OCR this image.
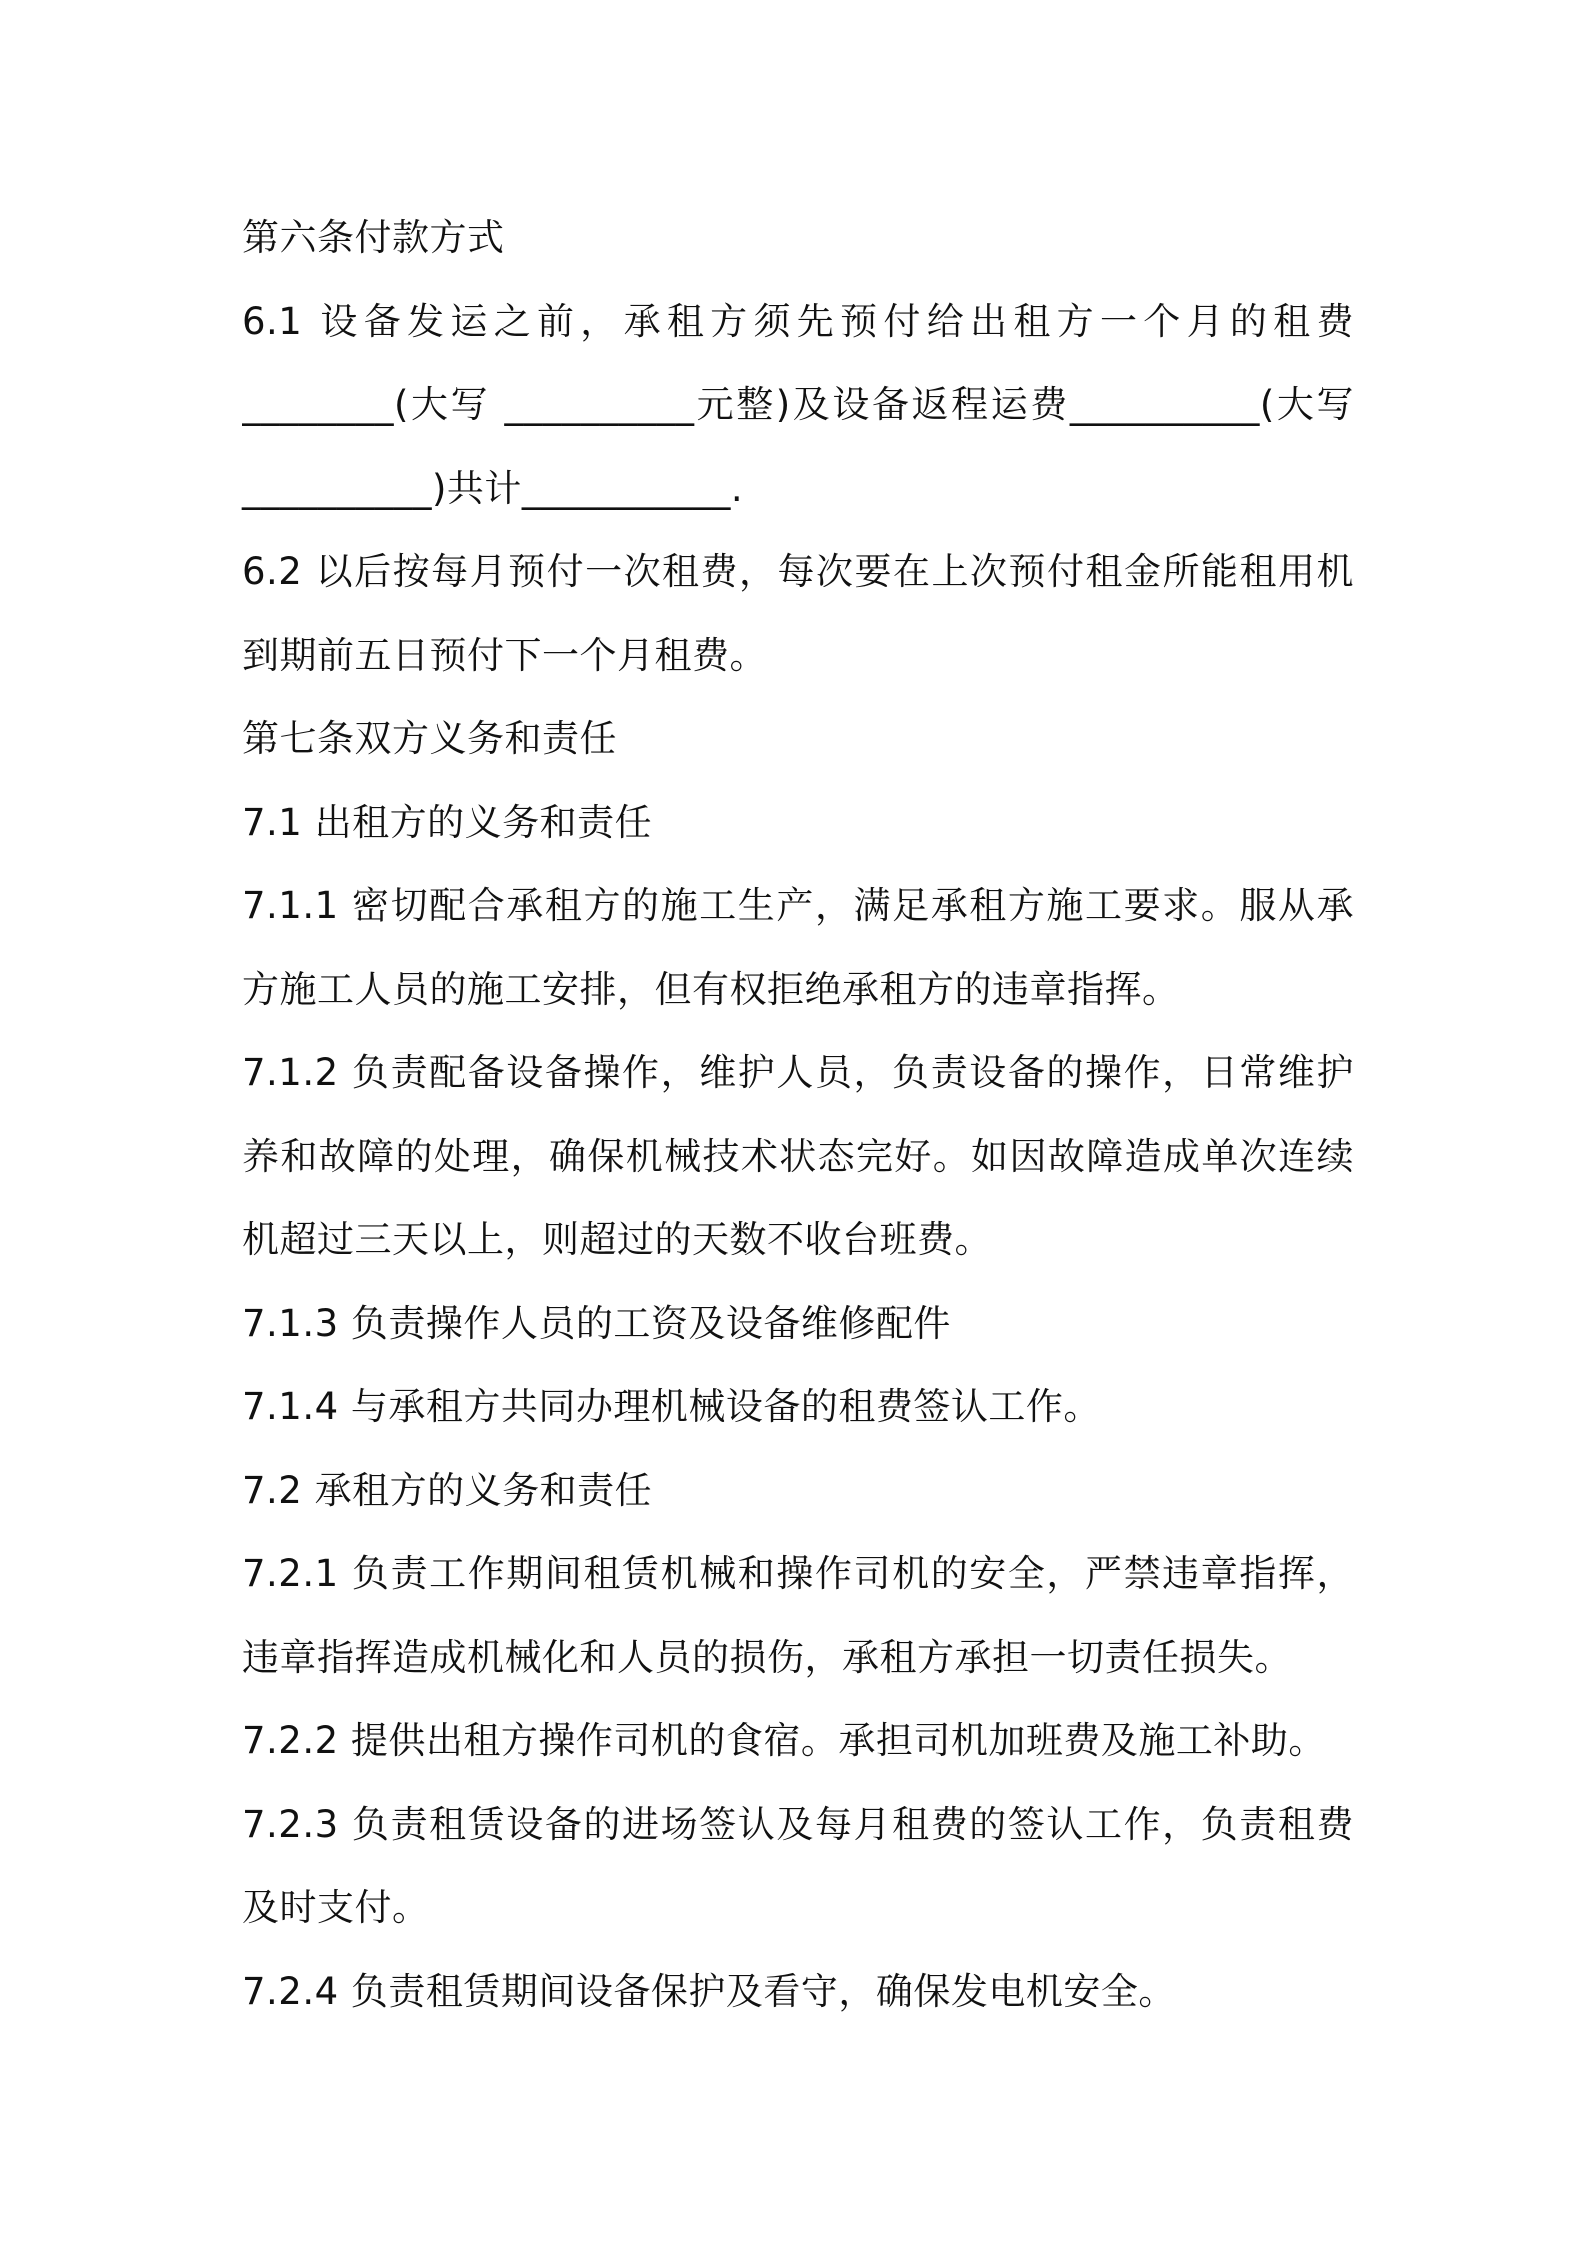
第六条付款方式
6.1 设备发运之前，承租方须先预付给出租方一个月的租费
________(大写 __________元整)及设备返程运费__________(大写
__________)共计___________.
6.2 以后按每月预付一次租费，每次要在上次预付租金所能租用机
到期前五日预付下一个月租费。
第七条双方义务和责任
7.1 出租方的义务和责任
7.1.1 密切配合承租方的施工生产，满足承租方施工要求。服从承
方施工人员的施工安排，但有权拒绝承租方的违章指挥。
7.1.2 负责配备设备操作，维护人员，负责设备的操作，日常维护
养和故障的处理，确保机械技术状态完好。如因故障造成单次连续
机超过三天以上，则超过的天数不收台班费。
7.1.3 负责操作人员的工资及设备维修配件
7.1.4 与承租方共同办理机械设备的租费签认工作。
7.2 承租方的义务和责任
7.2.1 负责工作期间租赁机械和操作司机的安全，严禁违章指挥，
违章指挥造成机械化和人员的损伤，承租方承担一切责任损失。
7.2.2 提供出租方操作司机的食宿。承担司机加班费及施工补助。
7.2.3 负责租赁设备的进场签认及每月租费的签认工作，负责租费
及时支付。
7.2.4 负责租赁期间设备保护及看守，确保发电机安全。
